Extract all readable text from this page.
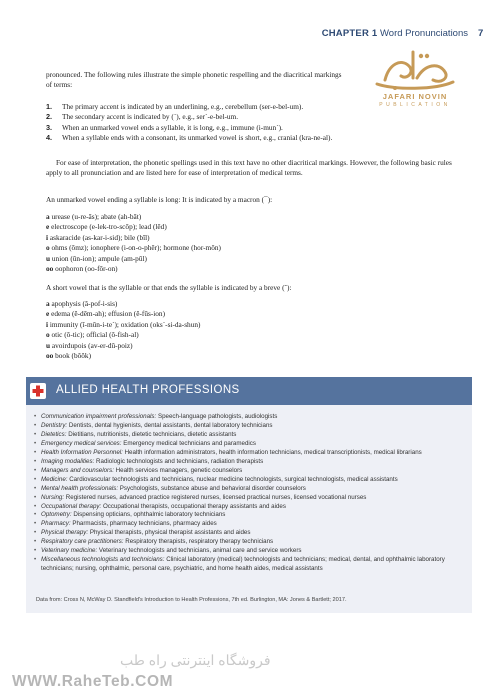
CHAPTER 1 Word Pronunciations 7
JAFARI NOVIN
PUBLICATION
pronounced. The following rules illustrate the simple phonetic respelling and the diacritical markings of terms:
1. The primary accent is indicated by an underlining, e.g., cerebellum (ser-e-bel-um).
2. The secondary accent is indicated by (ˊ), e.g., serˊ-e-bel-um.
3. When an unmarked vowel ends a syllable, it is long, e.g., immune (i-munˊ).
4. When a syllable ends with a consonant, its unmarked vowel is short, e.g., cranial (kra-ne-al).
For ease of interpretation, the phonetic spellings used in this text have no other diacritical markings. However, the following basic rules apply to all pronunciation and are listed here for ease of interpretation of medical terms.
An unmarked vowel ending a syllable is long: It is indicated by a macron (¯):
a urease (u-re-ās); abate (ah-bāt)
e electroscope (e-lek-tro-scōp); lead (lēd)
i askaracide (as-kar-i-sid); bile (bīl)
o ohms (ōmz); ionophere (i-on-o-phēr); hormone (hor-mōn)
u union (ūn-ion); ampule (am-pūl)
oo oophoron (oo-fōr-on)
A short vowel that is the syllable or that ends the syllable is indicated by a breve (˘):
a apophysis (ă-pof-i-sis)
e edema (ĕ-dēm-ah); effusion (ĕ-fūs-ion)
i immunity (ĭ-mūn-i-teˊ); oxidation (oksˊ-si-da-shun)
o otic (ō-tic); official (ŏ-fish-al)
u avoirdupois (av-er-dŭ-poiz)
oo book (bŏŏk)
ALLIED HEALTH PROFESSIONS
• Communication impairment professionals: Speech-language pathologists, audiologists
• Dentistry: Dentists, dental hygienists, dental assistants, dental laboratory technicians
• Dietetics: Dietitians, nutritionists, dietetic technicians, dietetic assistants
• Emergency medical services: Emergency medical technicians and paramedics
• Health Information Personnel: Health information administrators, health information technicians, medical transcriptionists, medical librarians
• Imaging modalities: Radiologic technologists and technicians, radiation therapists
• Managers and counselors: Health services managers, genetic counselors
• Medicine: Cardiovascular technologists and technicians, nuclear medicine technologists, surgical technologists, medical assistants
• Mental health professionals: Psychologists, substance abuse and behavioral disorder counselors
• Nursing: Registered nurses, advanced practice registered nurses, licensed practical nurses, licensed vocational nurses
• Occupational therapy: Occupational therapists, occupational therapy assistants and aides
• Optometry: Dispensing opticians, ophthalmic laboratory technicians
• Pharmacy: Pharmacists, pharmacy technicians, pharmacy aides
• Physical therapy: Physical therapists, physical therapist assistants and aides
• Respiratory care practitioners: Respiratory therapists, respiratory therapy technicians
• Veterinary medicine: Veterinary technologists and technicians, animal care and service workers
• Miscellaneous technologists and technicians: Clinical laboratory (medical) technologists and technicians; medical, dental, and ophthalmic laboratory technicians; nursing, ophthalmic, personal care, psychiatric, and home health aides, medical assistants
Data from: Cross N, McWay D. Standfield's Introduction to Health Professions, 7th ed. Burlington, MA: Jones & Bartlett; 2017.
فروشگاه اینترنتی راه طب
WWW.RaheTeb.COM
